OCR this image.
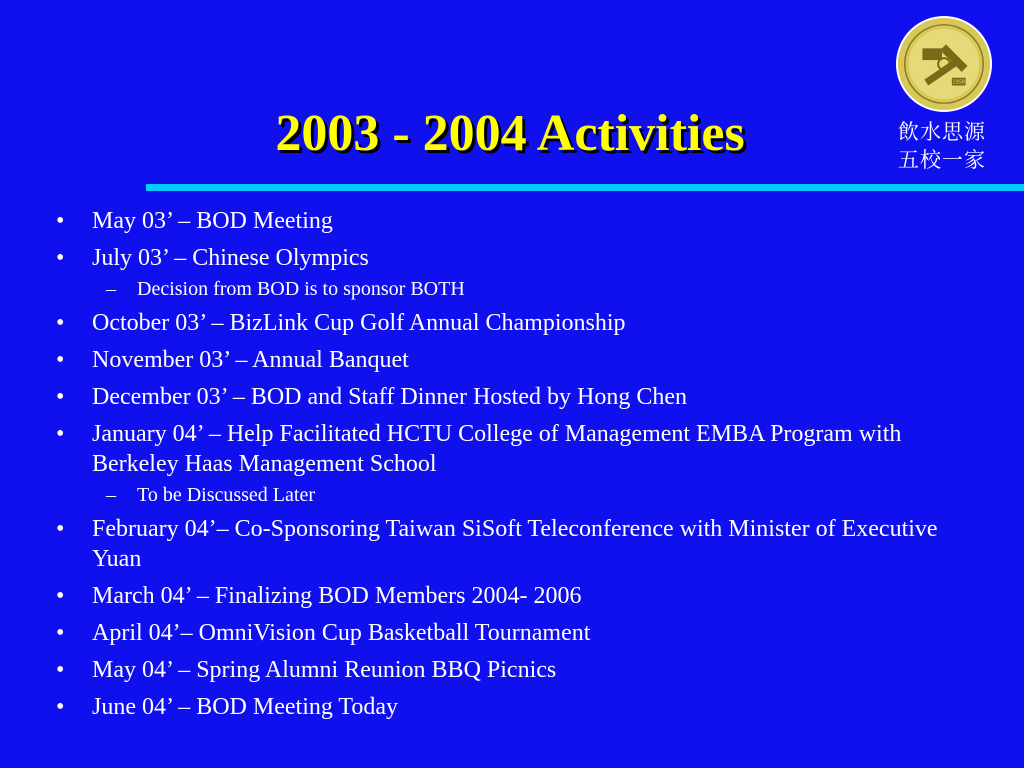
1958
飲水思源
五校一家
2003 - 2004 Activities
• May 03’ – BOD Meeting
• July 03’ – Chinese Olympics
– Decision from BOD is to sponsor BOTH
• October 03’ – BizLink Cup Golf Annual Championship
• November 03’ – Annual Banquet
• December 03’ – BOD and Staff Dinner Hosted by Hong Chen
• January 04’ – Help Facilitated HCTU College of Management EMBA Program with Berkeley Haas Management School
– To be Discussed Later
• February 04’– Co-Sponsoring Taiwan SiSoft Teleconference with Minister of Executive Yuan
• March 04’ – Finalizing BOD Members 2004- 2006
• April 04’– OmniVision Cup Basketball Tournament
• May 04’ – Spring Alumni Reunion BBQ Picnics
• June 04’ – BOD Meeting Today
